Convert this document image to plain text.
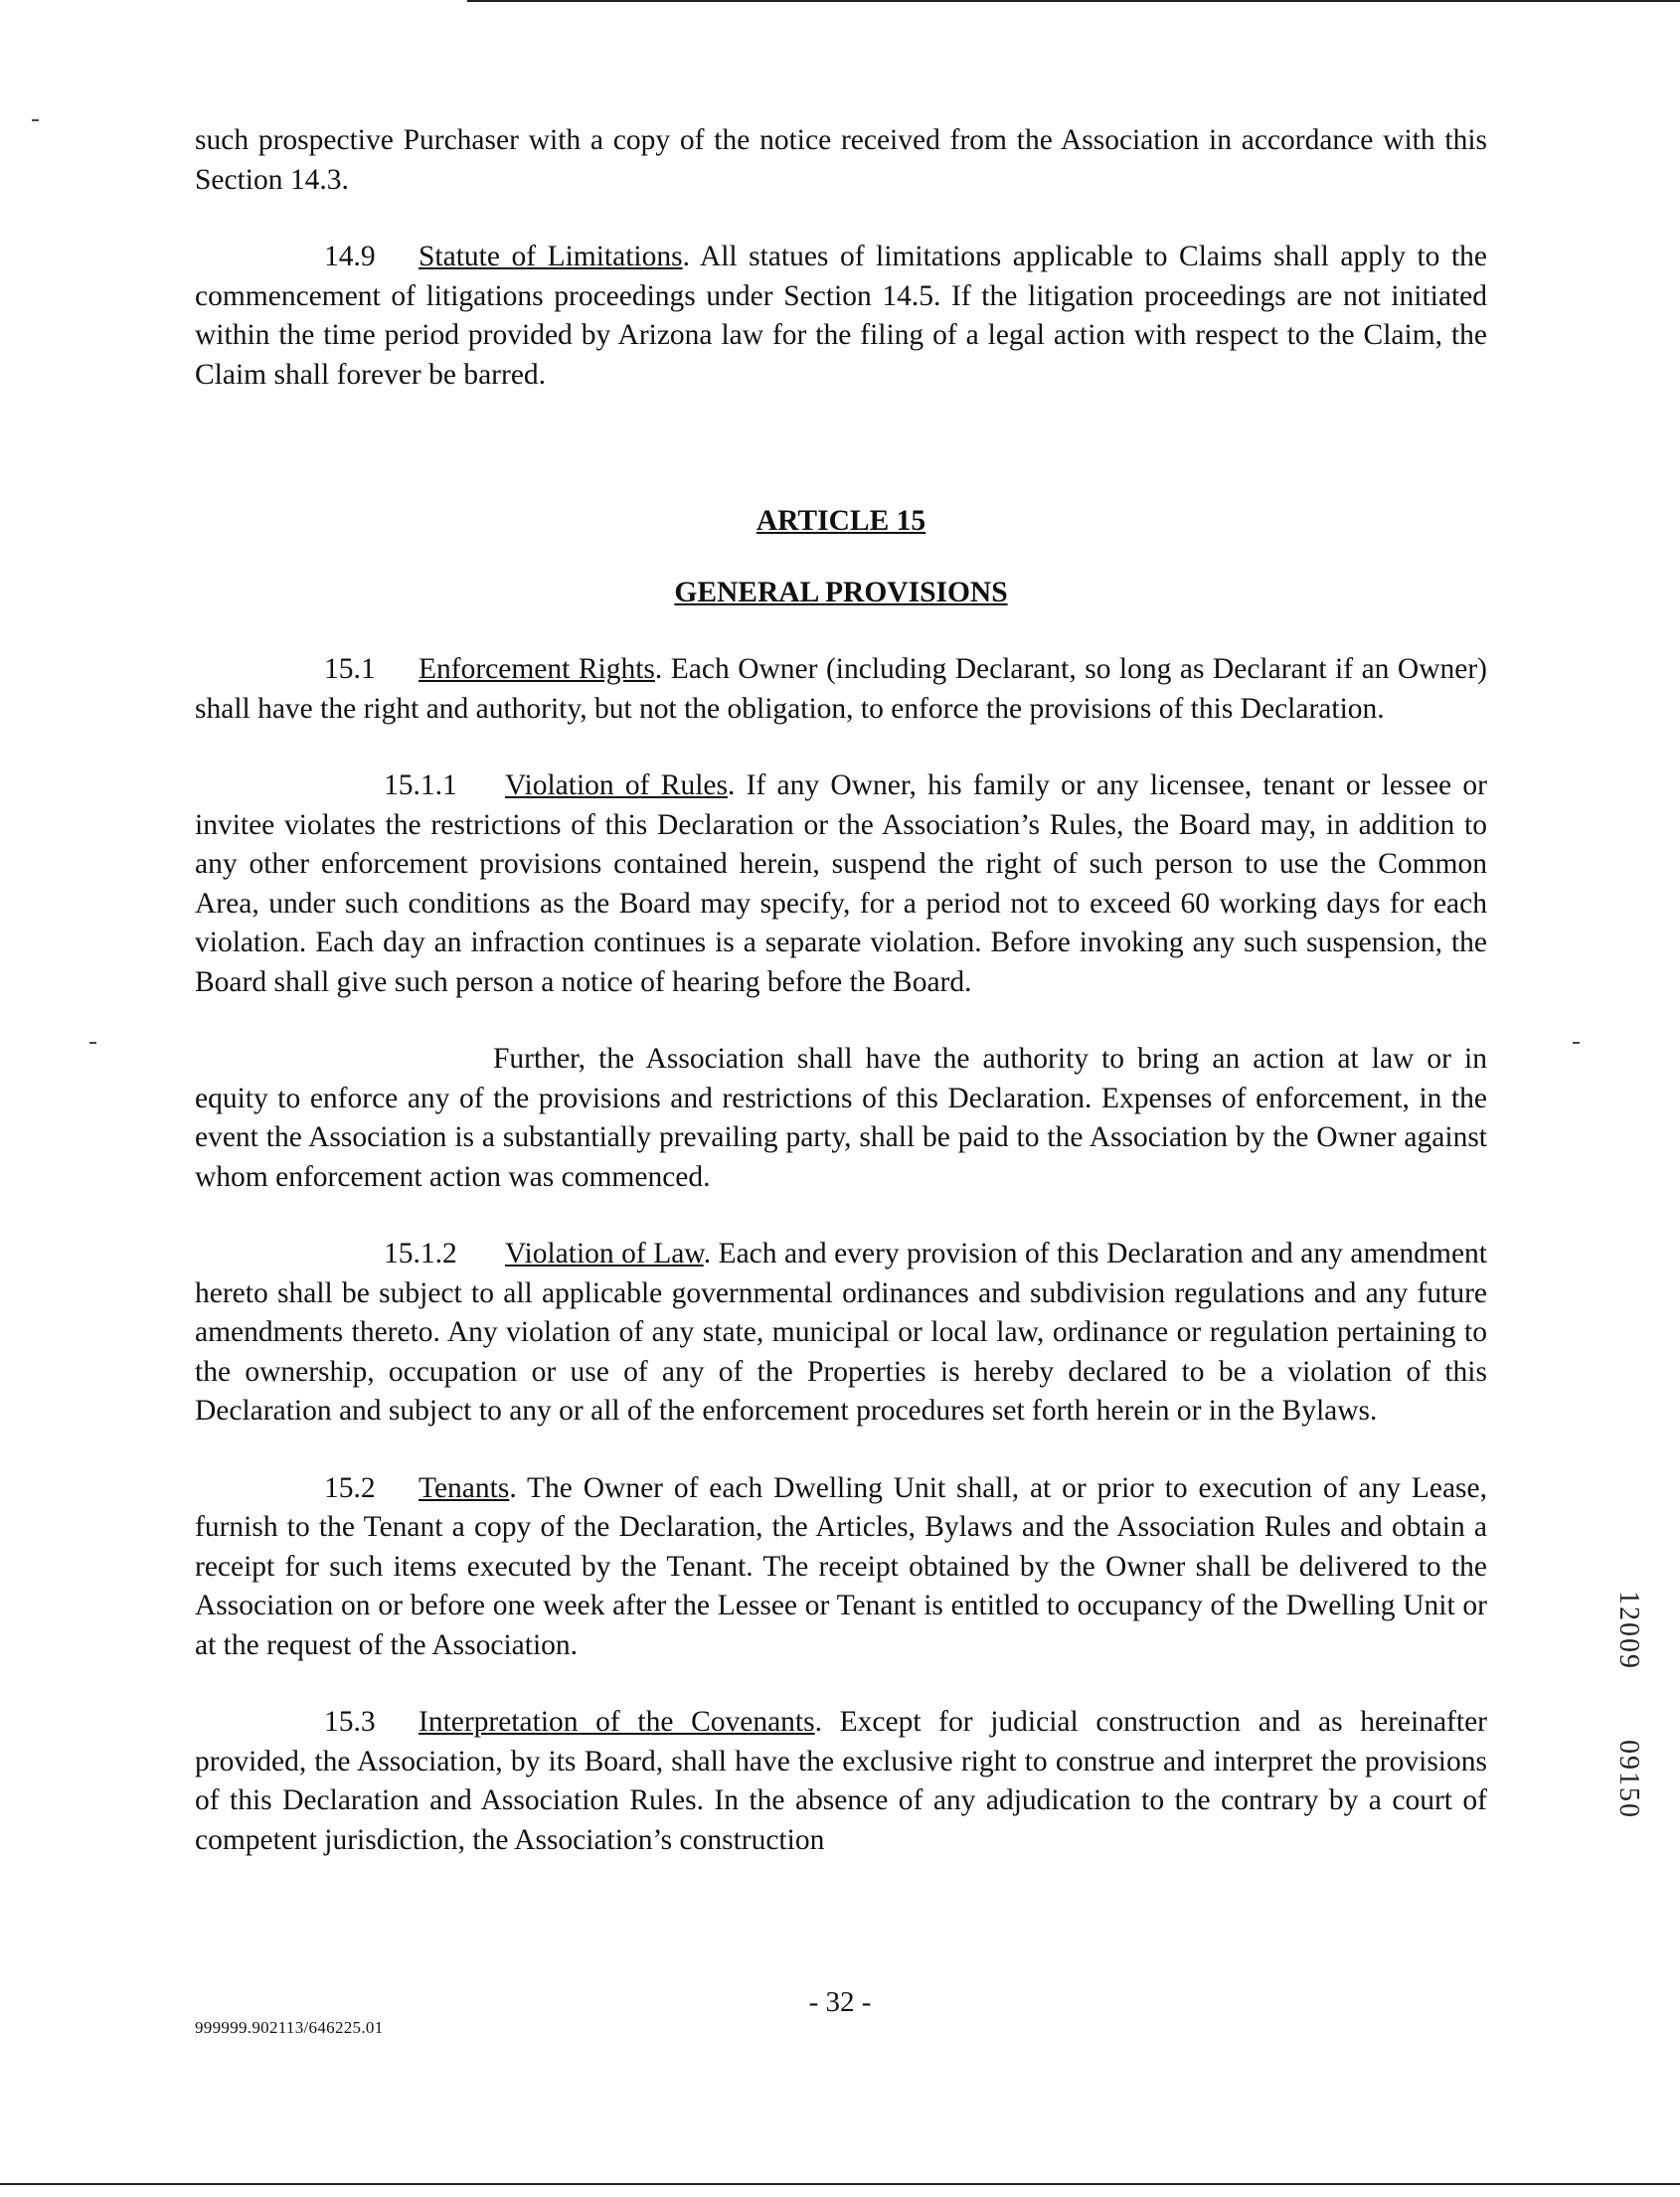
such prospective Purchaser with a copy of the notice received from the Association in accordance with this Section 14.3.

14.9 Statute of Limitations. All statues of limitations applicable to Claims shall apply to the commencement of litigations proceedings under Section 14.5. If the litigation proceedings are not initiated within the time period provided by Arizona law for the filing of a legal action with respect to the Claim, the Claim shall forever be barred.

ARTICLE 15

GENERAL PROVISIONS

15.1 Enforcement Rights. Each Owner (including Declarant, so long as Declarant if an Owner) shall have the right and authority, but not the obligation, to enforce the provisions of this Declaration.

15.1.1 Violation of Rules. If any Owner, his family or any licensee, tenant or lessee or invitee violates the restrictions of this Declaration or the Association’s Rules, the Board may, in addition to any other enforcement provisions contained herein, suspend the right of such person to use the Common Area, under such conditions as the Board may specify, for a period not to exceed 60 working days for each violation. Each day an infraction continues is a separate violation. Before invoking any such suspension, the Board shall give such person a notice of hearing before the Board.

Further, the Association shall have the authority to bring an action at law or in equity to enforce any of the provisions and restrictions of this Declaration. Expenses of enforcement, in the event the Association is a substantially prevailing party, shall be paid to the Association by the Owner against whom enforcement action was commenced.

15.1.2 Violation of Law. Each and every provision of this Declaration and any amendment hereto shall be subject to all applicable governmental ordinances and subdivision regulations and any future amendments thereto. Any violation of any state, municipal or local law, ordinance or regulation pertaining to the ownership, occupation or use of any of the Properties is hereby declared to be a violation of this Declaration and subject to any or all of the enforcement procedures set forth herein or in the Bylaws.

15.2 Tenants. The Owner of each Dwelling Unit shall, at or prior to execution of any Lease, furnish to the Tenant a copy of the Declaration, the Articles, Bylaws and the Association Rules and obtain a receipt for such items executed by the Tenant. The receipt obtained by the Owner shall be delivered to the Association on or before one week after the Lessee or Tenant is entitled to occupancy of the Dwelling Unit or at the request of the Association.

15.3 Interpretation of the Covenants. Except for judicial construction and as hereinafter provided, the Association, by its Board, shall have the exclusive right to construe and interpret the provisions of this Declaration and Association Rules. In the absence of any adjudication to the contrary by a court of competent jurisdiction, the Association’s construction

12009
09150
- 32 -
999999.902113/646225.01
